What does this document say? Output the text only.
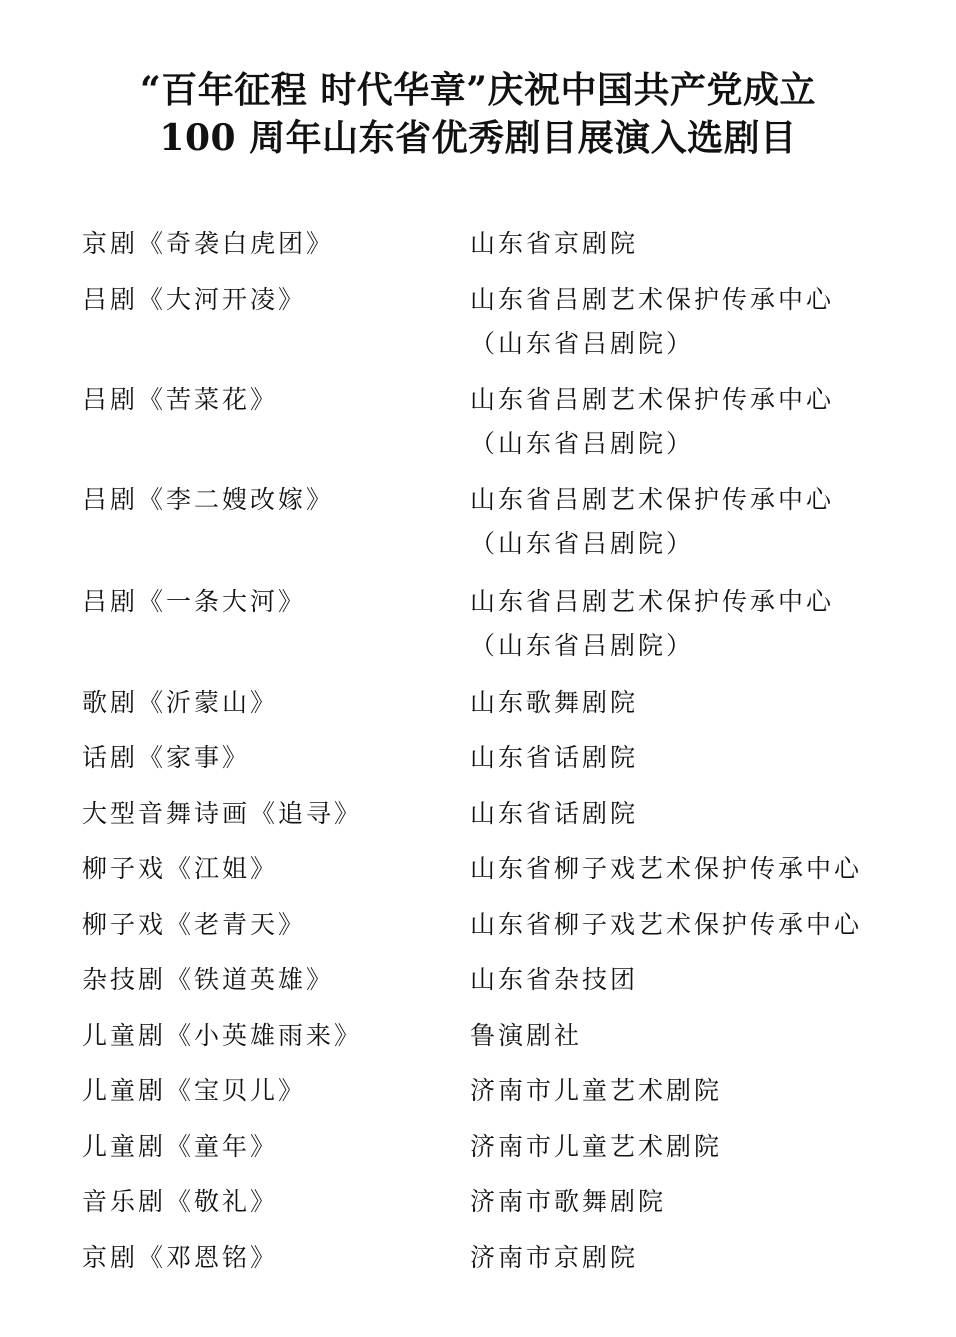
“百年征程 时代华章”庆祝中国共产党成立
100 周年山东省优秀剧目展演入选剧目
京剧《奇袭白虎团》	山东省京剧院
吕剧《大河开凌》	山东省吕剧艺术保护传承中心
（山东省吕剧院）
吕剧《苦菜花》	山东省吕剧艺术保护传承中心
（山东省吕剧院）
吕剧《李二嫂改嫁》	山东省吕剧艺术保护传承中心
（山东省吕剧院）
吕剧《一条大河》	山东省吕剧艺术保护传承中心
（山东省吕剧院）
歌剧《沂蒙山》	山东歌舞剧院
话剧《家事》	山东省话剧院
大型音舞诗画《追寻》	山东省话剧院
柳子戏《江姐》	山东省柳子戏艺术保护传承中心
柳子戏《老青天》	山东省柳子戏艺术保护传承中心
杂技剧《铁道英雄》	山东省杂技团
儿童剧《小英雄雨来》	鲁演剧社
儿童剧《宝贝儿》	济南市儿童艺术剧院
儿童剧《童年》	济南市儿童艺术剧院
音乐剧《敬礼》	济南市歌舞剧院
京剧《邓恩铭》	济南市京剧院
